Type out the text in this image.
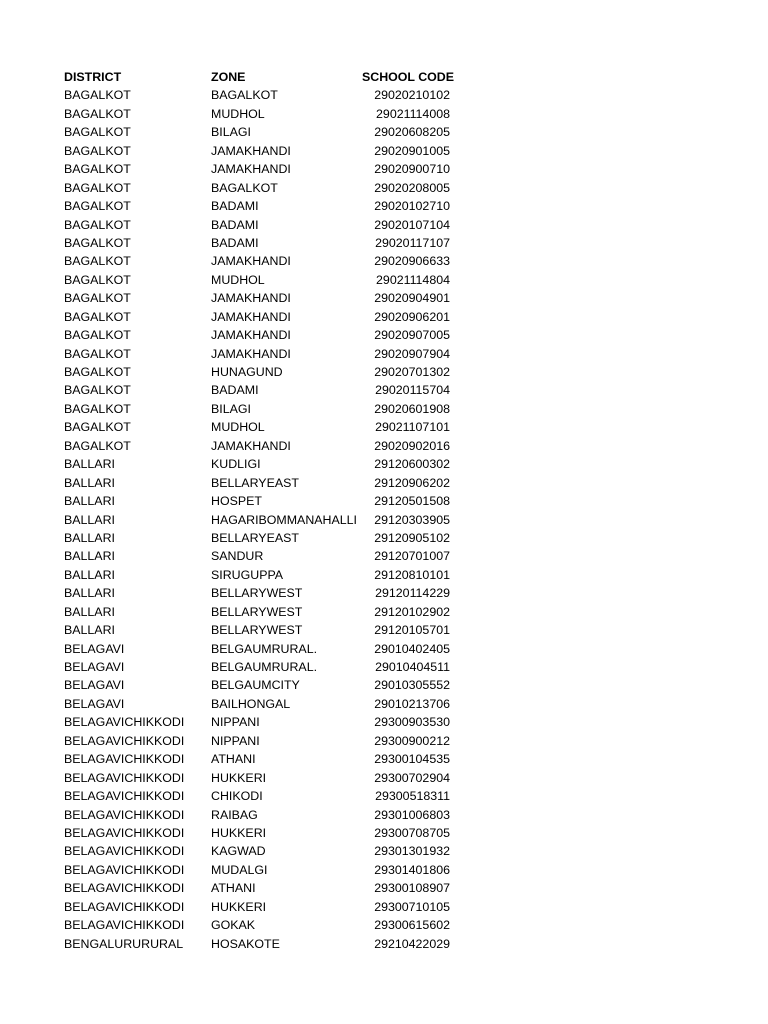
DISTRICT	ZONE	SCHOOL CODE
BAGALKOT	BAGALKOT	29020210102
BAGALKOT	MUDHOL	29021114008
BAGALKOT	BILAGI	29020608205
BAGALKOT	JAMAKHANDI	29020901005
BAGALKOT	JAMAKHANDI	29020900710
BAGALKOT	BAGALKOT	29020208005
BAGALKOT	BADAMI	29020102710
BAGALKOT	BADAMI	29020107104
BAGALKOT	BADAMI	29020117107
BAGALKOT	JAMAKHANDI	29020906633
BAGALKOT	MUDHOL	29021114804
BAGALKOT	JAMAKHANDI	29020904901
BAGALKOT	JAMAKHANDI	29020906201
BAGALKOT	JAMAKHANDI	29020907005
BAGALKOT	JAMAKHANDI	29020907904
BAGALKOT	HUNAGUND	29020701302
BAGALKOT	BADAMI	29020115704
BAGALKOT	BILAGI	29020601908
BAGALKOT	MUDHOL	29021107101
BAGALKOT	JAMAKHANDI	29020902016
BALLARI	KUDLIGI	29120600302
BALLARI	BELLARYEAST	29120906202
BALLARI	HOSPET	29120501508
BALLARI	HAGARIBOMMANAHALLI	29120303905
BALLARI	BELLARYEAST	29120905102
BALLARI	SANDUR	29120701007
BALLARI	SIRUGUPPA	29120810101
BALLARI	BELLARYWEST	29120114229
BALLARI	BELLARYWEST	29120102902
BALLARI	BELLARYWEST	29120105701
BELAGAVI	BELGAUMRURAL.	29010402405
BELAGAVI	BELGAUMRURAL.	29010404511
BELAGAVI	BELGAUMCITY	29010305552
BELAGAVI	BAILHONGAL	29010213706
BELAGAVICHIKKODI	NIPPANI	29300903530
BELAGAVICHIKKODI	NIPPANI	29300900212
BELAGAVICHIKKODI	ATHANI	29300104535
BELAGAVICHIKKODI	HUKKERI	29300702904
BELAGAVICHIKKODI	CHIKODI	29300518311
BELAGAVICHIKKODI	RAIBAG	29301006803
BELAGAVICHIKKODI	HUKKERI	29300708705
BELAGAVICHIKKODI	KAGWAD	29301301932
BELAGAVICHIKKODI	MUDALGI	29301401806
BELAGAVICHIKKODI	ATHANI	29300108907
BELAGAVICHIKKODI	HUKKERI	29300710105
BELAGAVICHIKKODI	GOKAK	29300615602
BENGALURURURAL	HOSAKOTE	29210422029
